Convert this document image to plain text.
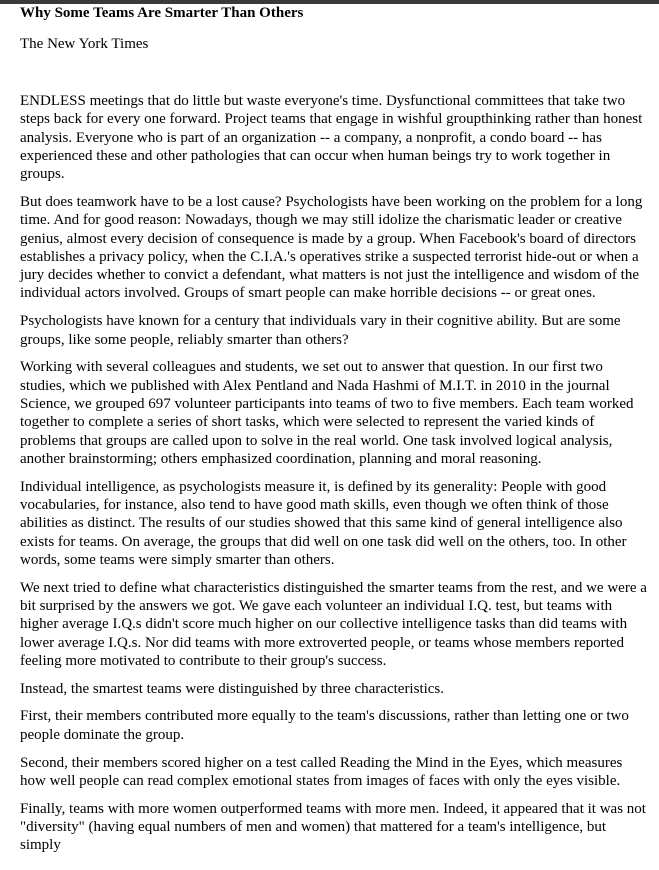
Why Some Teams Are Smarter Than Others
The New York Times

ENDLESS meetings that do little but waste everyone's time. Dysfunctional committees that take two steps back for every one forward. Project teams that engage in wishful groupthinking rather than honest analysis. Everyone who is part of an organization -- a company, a nonprofit, a condo board -- has experienced these and other pathologies that can occur when human beings try to work together in groups.

But does teamwork have to be a lost cause? Psychologists have been working on the problem for a long time. And for good reason: Nowadays, though we may still idolize the charismatic leader or creative genius, almost every decision of consequence is made by a group. When Facebook's board of directors establishes a privacy policy, when the C.I.A.'s operatives strike a suspected terrorist hide-out or when a jury decides whether to convict a defendant, what matters is not just the intelligence and wisdom of the individual actors involved. Groups of smart people can make horrible decisions -- or great ones.

Psychologists have known for a century that individuals vary in their cognitive ability. But are some groups, like some people, reliably smarter than others?

Working with several colleagues and students, we set out to answer that question. In our first two studies, which we published with Alex Pentland and Nada Hashmi of M.I.T. in 2010 in the journal Science, we grouped 697 volunteer participants into teams of two to five members. Each team worked together to complete a series of short tasks, which were selected to represent the varied kinds of problems that groups are called upon to solve in the real world. One task involved logical analysis, another brainstorming; others emphasized coordination, planning and moral reasoning.

Individual intelligence, as psychologists measure it, is defined by its generality: People with good vocabularies, for instance, also tend to have good math skills, even though we often think of those abilities as distinct. The results of our studies showed that this same kind of general intelligence also exists for teams. On average, the groups that did well on one task did well on the others, too. In other words, some teams were simply smarter than others.

We next tried to define what characteristics distinguished the smarter teams from the rest, and we were a bit surprised by the answers we got. We gave each volunteer an individual I.Q. test, but teams with higher average I.Q.s didn't score much higher on our collective intelligence tasks than did teams with lower average I.Q.s. Nor did teams with more extroverted people, or teams whose members reported feeling more motivated to contribute to their group's success.

Instead, the smartest teams were distinguished by three characteristics.

First, their members contributed more equally to the team's discussions, rather than letting one or two people dominate the group.

Second, their members scored higher on a test called Reading the Mind in the Eyes, which measures how well people can read complex emotional states from images of faces with only the eyes visible.

Finally, teams with more women outperformed teams with more men. Indeed, it appeared that it was not "diversity" (having equal numbers of men and women) that mattered for a team's intelligence, but simply
